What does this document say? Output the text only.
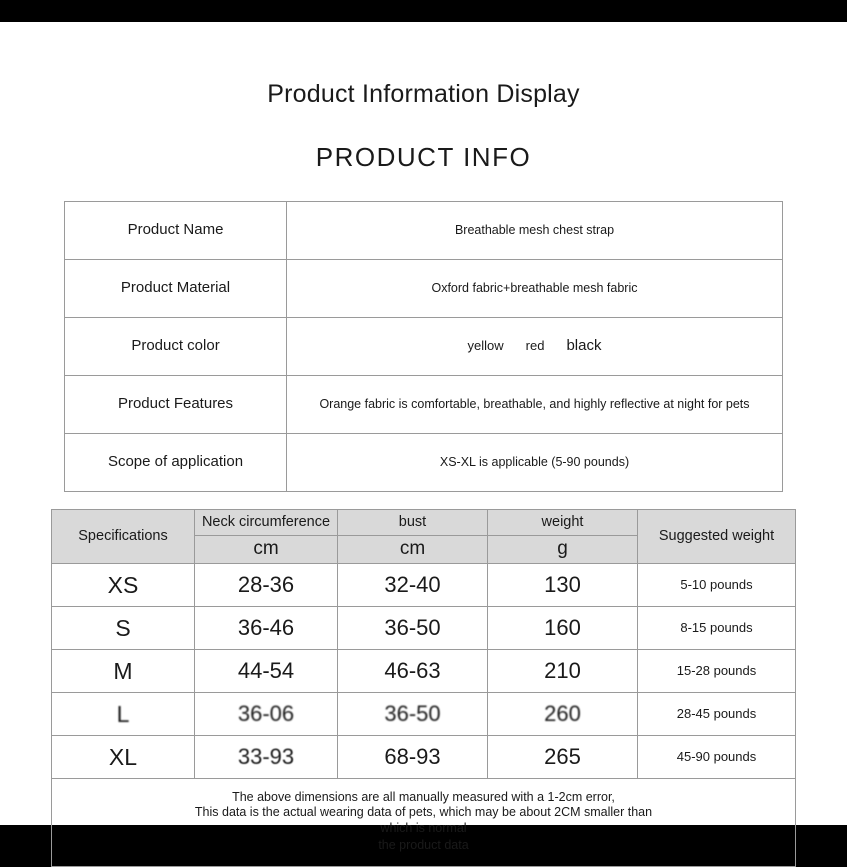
Product Information Display
PRODUCT INFO
Product Name	Breathable mesh chest strap
Product Material	Oxford fabric+breathable mesh fabric
Product color	yellow red black

Product Features	Orange fabric is comfortable, breathable, and highly reflective at night for pets
Scope of application	XS-XL is applicable (5-90 pounds)
Specifications	Neck circumference	bust	weight	Suggested weight
	cm	cm	g	
XS	28-36	32-40	130	5-10 pounds
S	36-46	36-50	160	8-15 pounds
M	44-54	46-63	210	15-28 pounds
L	36-06	36-50	260	28-45 pounds
XL	33-93	68-93	265	45-90 pounds

The above dimensions are all manually measured with a 1-2cm error,
This data is the actual wearing data of pets, which may be about 2CM smaller than
which is normal
the product data				
